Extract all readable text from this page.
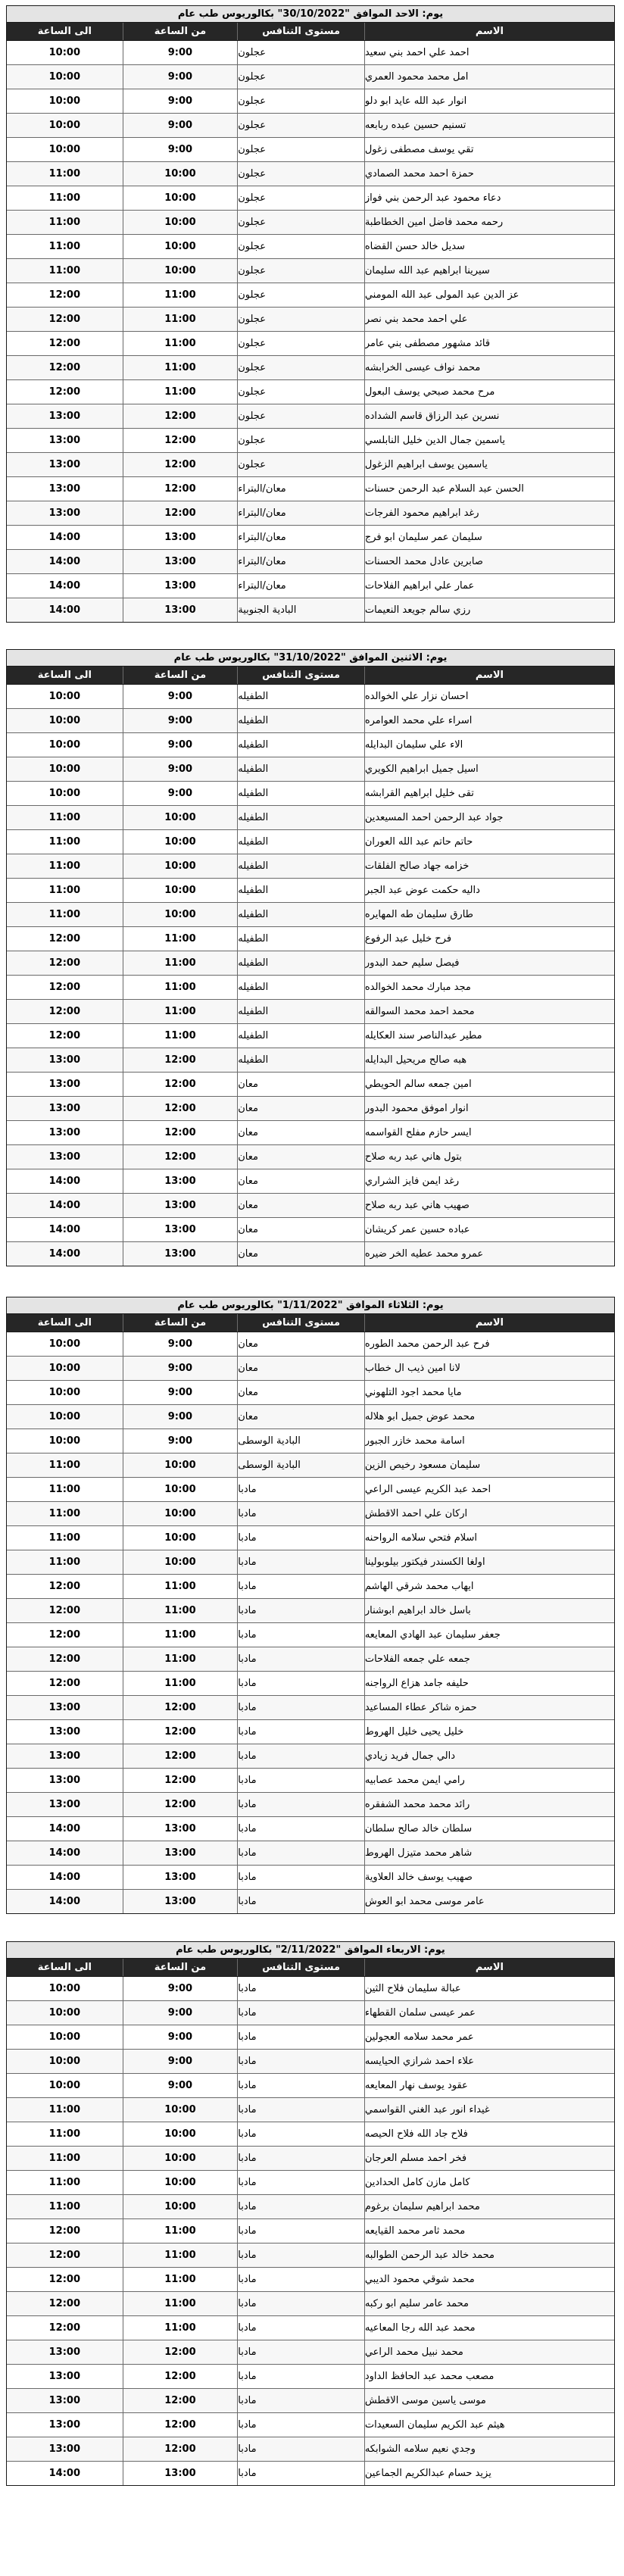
يوم: الاحد الموافق "30/10/2022" بكالوريوس طب عام
الاسم
مستوى التنافس
من الساعة
الى الساعة
احمد علي احمد بني سعيد
عجلون
9:00
10:00
امل محمد محمود العمري
عجلون
9:00
10:00
انوار عبد الله عايد ابو دلو
عجلون
9:00
10:00
تسنيم حسين عبده ربابعه
عجلون
9:00
10:00
تقي يوسف مصطفى زغول
عجلون
9:00
10:00
حمزة احمد محمد الصمادي
عجلون
10:00
11:00
دعاء محمود عبد الرحمن بني فواز
عجلون
10:00
11:00
رحمه محمد فاضل امين الخطاطبة
عجلون
10:00
11:00
سديل خالد حسن القضاه
عجلون
10:00
11:00
سيرينا ابراهيم عبد الله سليمان
عجلون
10:00
11:00
عز الدين عبد المولى عبد الله المومني
عجلون
11:00
12:00
علي احمد محمد بني نصر
عجلون
11:00
12:00
قائد مشهور مصطفى بني عامر
عجلون
11:00
12:00
محمد نواف عيسى الخرابشه
عجلون
11:00
12:00
مرح محمد صبحي يوسف البعول
عجلون
11:00
12:00
نسرين عبد الرزاق قاسم الشداده
عجلون
12:00
13:00
ياسمين جمال الدين خليل النابلسي
عجلون
12:00
13:00
ياسمين يوسف ابراهيم الزغول
عجلون
12:00
13:00
الحسن عبد السلام عبد الرحمن حسنات
معان/البتراء
12:00
13:00
رغد ابراهيم محمود الفرجات
معان/البتراء
12:00
13:00
سليمان عمر سليمان ابو فرج
معان/البتراء
13:00
14:00
صابرين عادل محمد الحسنات
معان/البتراء
13:00
14:00
عمار علي ابراهيم الفلاحات
معان/البتراء
13:00
14:00
رزي سالم جويعد النعيمات
البادية الجنوبية
13:00
14:00
يوم: الاثنين الموافق "31/10/2022" بكالوريوس طب عام
الاسم
مستوى التنافس
من الساعة
الى الساعة
احسان نزار علي الخوالده
الطفيله
9:00
10:00
اسراء علي محمد العوامره
الطفيله
9:00
10:00
الاء علي سليمان البدايله
الطفيله
9:00
10:00
اسيل جميل ابراهيم الكويري
الطفيله
9:00
10:00
تقى خليل ابراهيم القرابشه
الطفيله
9:00
10:00
جواد عبد الرحمن احمد المسيعدين
الطفيله
10:00
11:00
حاتم حاتم عبد الله العوران
الطفيله
10:00
11:00
خزامه جهاد صالح الفلقات
الطفيله
10:00
11:00
داليه حكمت عوض عبد الجبر
الطفيله
10:00
11:00
طارق سليمان طه المهايره
الطفيله
10:00
11:00
فرح خليل عبد الرفوع
الطفيله
11:00
12:00
فيصل سليم حمد البدور
الطفيله
11:00
12:00
مجد مبارك محمد الخوالده
الطفيله
11:00
12:00
محمد احمد محمد السوالقه
الطفيله
11:00
12:00
مطير عبدالناصر سند العكايله
الطفيله
11:00
12:00
هبه صالح مريحيل البدايله
الطفيله
12:00
13:00
امين جمعه سالم الحويطي
معان
12:00
13:00
انوار اموفق محمود البدور
معان
12:00
13:00
ايسر حازم مفلح القواسمه
معان
12:00
13:00
بتول هاني عبد ربه صلاح
معان
12:00
13:00
رغد ايمن فايز الشراري
معان
13:00
14:00
صهيب هاني عبد ربه صلاح
معان
13:00
14:00
عباده حسين عمر كريشان
معان
13:00
14:00
عمرو محمد عطيه الخر ضيره
معان
13:00
14:00
يوم: الثلاثاء الموافق "1/11/2022" بكالوريوس طب عام
الاسم
مستوى التنافس
من الساعة
الى الساعة
فرح عبد الرحمن محمد الطوره
معان
9:00
10:00
لانا امين ذيب ال خطاب
معان
9:00
10:00
مايا محمد اجود التلهوني
معان
9:00
10:00
محمد عوض جميل ابو هلاله
معان
9:00
10:00
اسامة محمد خازر الجبور
البادية الوسطى
9:00
10:00
سليمان مسعود رخيص الزين
البادية الوسطى
10:00
11:00
احمد عبد الكريم عيسى الراعي
مادبا
10:00
11:00
اركان علي احمد الاقطش
مادبا
10:00
11:00
اسلام فتحي سلامه الرواحنه
مادبا
10:00
11:00
اولغا الكسندر فيكتور بيلوبولينا
مادبا
10:00
11:00
ايهاب محمد شرقي الهاشم
مادبا
11:00
12:00
باسل خالد ابراهيم ابوشنار
مادبا
11:00
12:00
جعفر سليمان عبد الهادي المعايعه
مادبا
11:00
12:00
جمعه علي جمعه الفلاحات
مادبا
11:00
12:00
حليفه جامد هزاع الرواجنه
مادبا
11:00
12:00
حمزه شاكر عطاء المساعيد
مادبا
12:00
13:00
خليل يحيى خليل الهروط
مادبا
12:00
13:00
دالي جمال فريد زيادي
مادبا
12:00
13:00
رامي ايمن محمد عصابيه
مادبا
12:00
13:00
رائد محمد محمد الشفقره
مادبا
12:00
13:00
سلطان خالد صالح سلطان
مادبا
13:00
14:00
شاهر محمد متيزل الهروط
مادبا
13:00
14:00
صهيب يوسف خالد العلاوية
مادبا
13:00
14:00
عامر موسى محمد ابو العوش
مادبا
13:00
14:00
يوم: الاربعاء الموافق "2/11/2022" بكالوريوس طب عام
الاسم
مستوى التنافس
من الساعة
الى الساعة
عبالة سليمان فلاح الثين
مادبا
9:00
10:00
عمر عيسى سلمان القطهاء
مادبا
9:00
10:00
عمر محمد سلامه العجولين
مادبا
9:00
10:00
علاء احمد شرازي الحيايسه
مادبا
9:00
10:00
عقود يوسف نهار المعايعه
مادبا
9:00
10:00
غيداء انور عبد الغني القواسمي
مادبا
10:00
11:00
فلاح جاد الله فلاح الحيصه
مادبا
10:00
11:00
فخر احمد مسلم العرجان
مادبا
10:00
11:00
كامل مازن كامل الحدادين
مادبا
10:00
11:00
محمد ابراهيم سليمان برغوم
مادبا
10:00
11:00
محمد ثامر محمد القيايعه
مادبا
11:00
12:00
محمد خالد عبد الرحمن الطوالبه
مادبا
11:00
12:00
محمد شوقي محمود الديبي
مادبا
11:00
12:00
محمد عامر سليم ابو ركبه
مادبا
11:00
12:00
محمد عبد الله رجا المعاعيه
مادبا
11:00
12:00
محمد نبيل محمد الراعي
مادبا
12:00
13:00
مصعب محمد عبد الحافظ الداود
مادبا
12:00
13:00
موسى ياسين موسى الاقطش
مادبا
12:00
13:00
هيثم عبد الكريم سليمان السعيدات
مادبا
12:00
13:00
وجدي نعيم سلامه الشوابكه
مادبا
12:00
13:00
يزيد حسام عبدالكريم الجماعين
مادبا
13:00
14:00
